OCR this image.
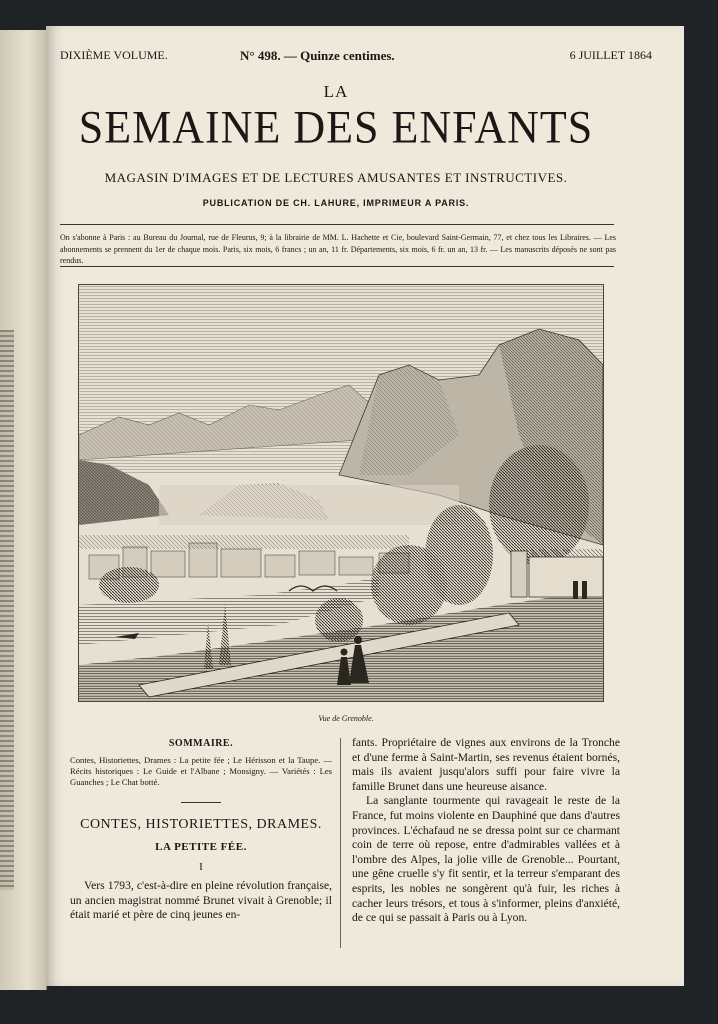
DIXIÈME VOLUME.	N° 498. — Quinze centimes.	6 JUILLET 1864
LA
SEMAINE DES ENFANTS
MAGASIN D'IMAGES ET DE LECTURES AMUSANTES ET INSTRUCTIVES.
PUBLICATION DE CH. LAHURE, IMPRIMEUR A PARIS.
On s'abonne à Paris : au Bureau du Journal, rue de Fleurus, 9; à la librairie de MM. L. Hachette et Cie, boulevard Saint-Germain, 77, et chez tous les Libraires. — Les abonnements se prennent du 1er de chaque mois. Paris, six mois, 6 francs ; un an, 11 fr. Départements, six mois, 6 fr. un an, 13 fr. — Les manuscrits déposés ne sont pas rendus.
Vue de Grenoble.
SOMMAIRE.
Contes, Historiettes, Drames : La petite fée ; Le Hérisson et la Taupe. — Récits historiques : Le Guide et l'Albane ; Monsigny. — Variétés : Les Guanches ; Le Chat botté.
CONTES, HISTORIETTES, DRAMES.
LA PETITE FÉE.
I

Vers 1793, c'est-à-dire en pleine révolution française, un ancien magistrat nommé Brunet vivait à Grenoble; il était marié et père de cinq jeunes en-

fants. Propriétaire de vignes aux environs de la Tronche et d'une ferme à Saint-Martin, ses revenus étaient bornés, mais ils avaient jusqu'alors suffi pour faire vivre la famille Brunet dans une heureuse aisance.

La sanglante tourmente qui ravageait le reste de la France, fut moins violente en Dauphiné que dans d'autres provinces. L'échafaud ne se dressa point sur ce charmant coin de terre où repose, entre d'admirables vallées et à l'ombre des Alpes, la jolie ville de Grenoble... Pourtant, une gêne cruelle s'y fit sentir, et la terreur s'emparant des esprits, les nobles ne songèrent qu'à fuir, les riches à cacher leurs trésors, et tous à s'informer, pleins d'anxiété, de ce qui se passait à Paris ou à Lyon.
